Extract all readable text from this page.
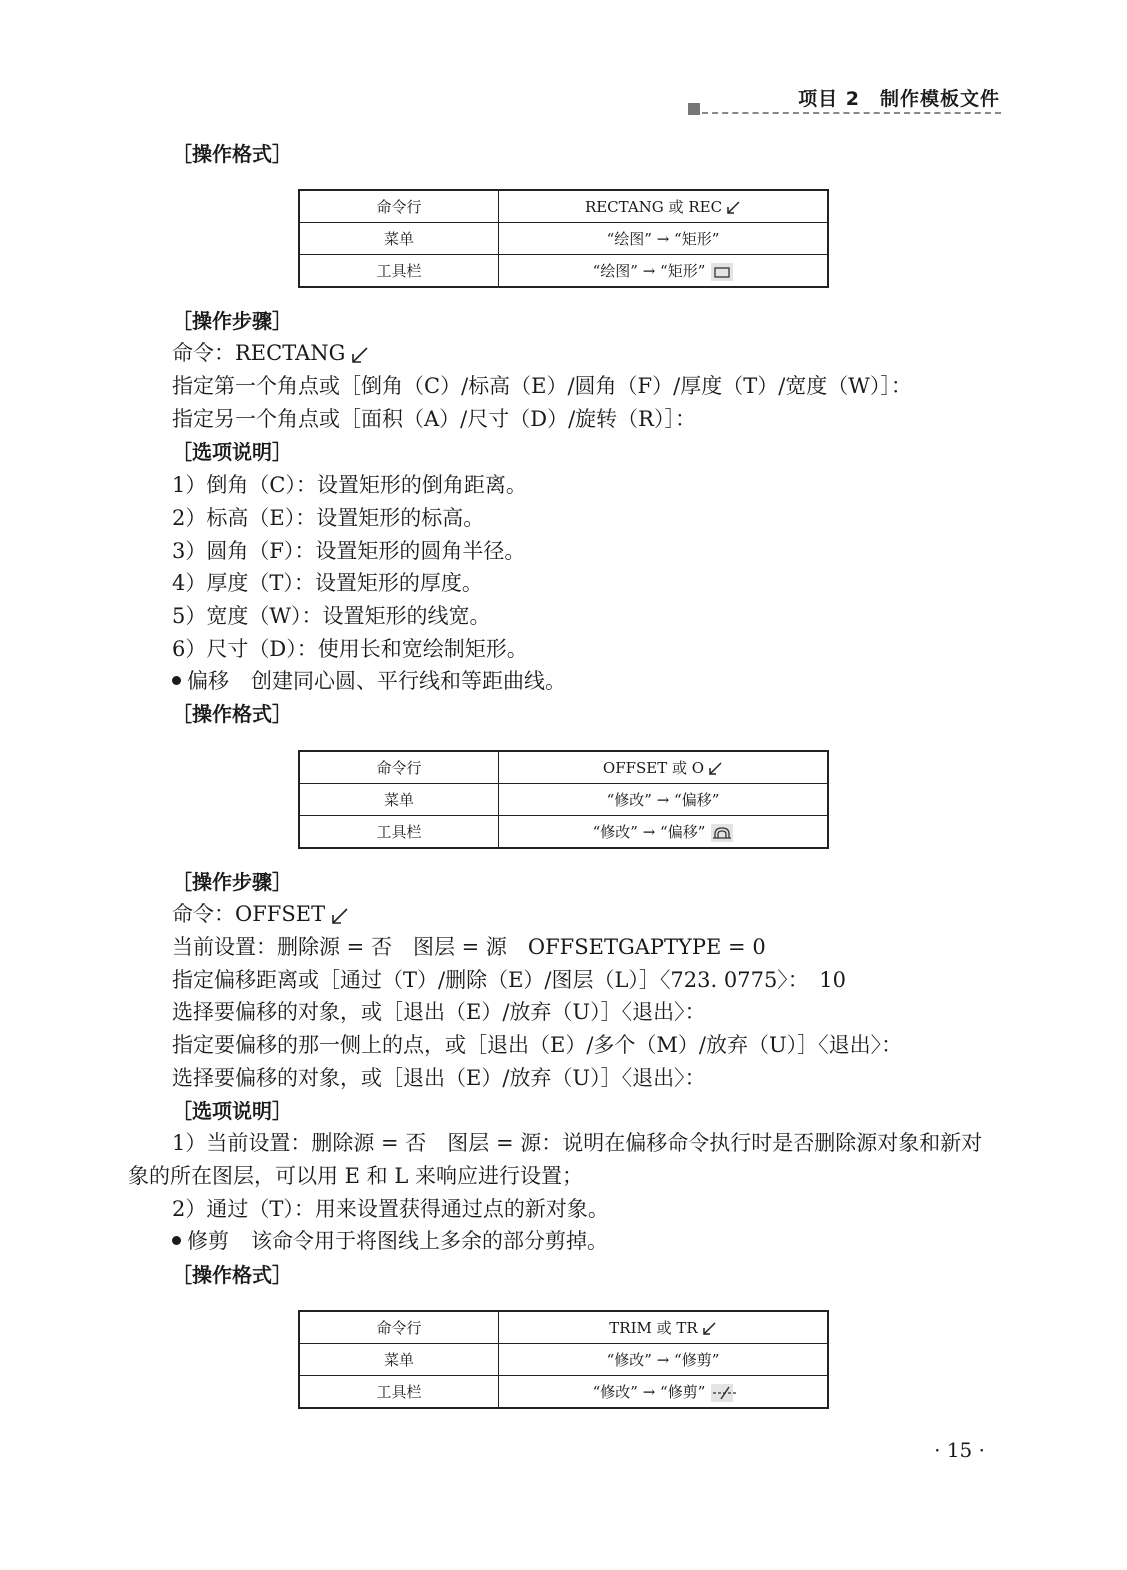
项目 2　制作模板文件
［操作格式］
命令行	RECTANG 或 REC
菜单	“绘图” → “矩形”
工具栏	“绘图” → “矩形”
［操作步骤］
命令：RECTANG
指定第一个角点或［倒角（C）/标高（E）/圆角（F）/厚度（T）/宽度（W）］：
指定另一个角点或［面积（A）/尺寸（D）/旋转（R）］：
［选项说明］
1）倒角（C）：设置矩形的倒角距离。
2）标高（E）：设置矩形的标高。
3）圆角（F）：设置矩形的圆角半径。
4）厚度（T）：设置矩形的厚度。
5）宽度（W）：设置矩形的线宽。
6）尺寸（D）：使用长和宽绘制矩形。
偏移 创建同心圆、平行线和等距曲线。
［操作格式］
命令行	OFFSET 或 O
菜单	“修改” → “偏移”
工具栏	“修改” → “偏移”
［操作步骤］
命令：OFFSET
当前设置：删除源 = 否　图层 = 源　OFFSETGAPTYPE = 0
指定偏移距离或［通过（T）/删除（E）/图层（L）］〈723. 0775〉：　10
选择要偏移的对象，或［退出（E）/放弃（U）］〈退出〉：
指定要偏移的那一侧上的点，或［退出（E）/多个（M）/放弃（U）］〈退出〉：
选择要偏移的对象，或［退出（E）/放弃（U）］〈退出〉：
［选项说明］
1）当前设置：删除源 = 否　图层 = 源：说明在偏移命令执行时是否删除源对象和新对
象的所在图层，可以用 E 和 L 来响应进行设置；
2）通过（T）：用来设置获得通过点的新对象。
修剪 该命令用于将图线上多余的部分剪掉。
［操作格式］
命令行	TRIM 或 TR
菜单	“修改” → “修剪”
工具栏	“修改” → “修剪”
· 15 ·
